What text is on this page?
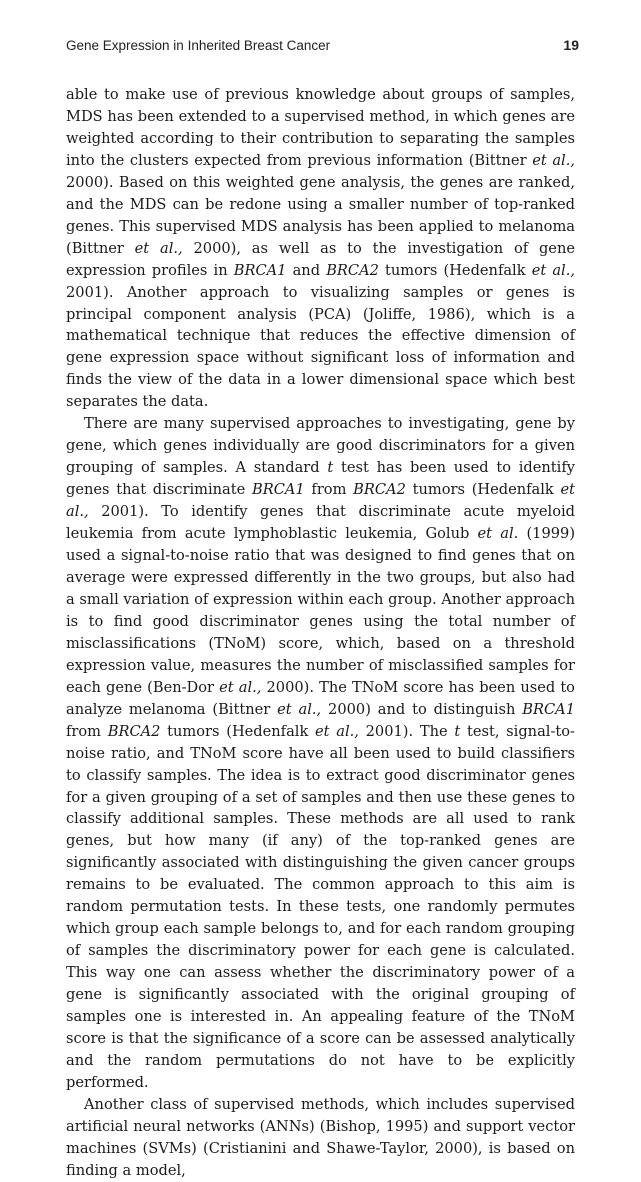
Gene Expression in Inherited Breast Cancer	19

able to make use of previous knowledge about groups of samples, MDS has been extended to a supervised method, in which genes are weighted according to their contribution to separating the samples into the clusters expected from previous information (Bittner et al., 2000). Based on this weighted gene analysis, the genes are ranked, and the MDS can be redone using a smaller number of top-ranked genes. This supervised MDS analysis has been applied to melanoma (Bittner et al., 2000), as well as to the investigation of gene expression profiles in BRCA1 and BRCA2 tumors (Hedenfalk et al., 2001). Another approach to visualizing samples or genes is principal component analysis (PCA) (Joliffe, 1986), which is a mathematical technique that reduces the effective dimension of gene expression space without significant loss of information and finds the view of the data in a lower dimensional space which best separates the data.

There are many supervised approaches to investigating, gene by gene, which genes individually are good discriminators for a given grouping of samples. A standard t test has been used to identify genes that discriminate BRCA1 from BRCA2 tumors (Hedenfalk et al., 2001). To identify genes that discriminate acute myeloid leukemia from acute lymphoblastic leukemia, Golub et al. (1999) used a signal-to-noise ratio that was designed to find genes that on average were expressed differently in the two groups, but also had a small variation of expression within each group. Another approach is to find good discriminator genes using the total number of misclassifications (TNoM) score, which, based on a threshold expression value, measures the number of misclassified samples for each gene (Ben-Dor et al., 2000). The TNoM score has been used to analyze melanoma (Bittner et al., 2000) and to distinguish BRCA1 from BRCA2 tumors (Hedenfalk et al., 2001). The t test, signal-to-noise ratio, and TNoM score have all been used to build classifiers to classify samples. The idea is to extract good discriminator genes for a given grouping of a set of samples and then use these genes to classify additional samples. These methods are all used to rank genes, but how many (if any) of the top-ranked genes are significantly associated with distinguishing the given cancer groups remains to be evaluated. The common approach to this aim is random permutation tests. In these tests, one randomly permutes which group each sample belongs to, and for each random grouping of samples the discriminatory power for each gene is calculated. This way one can assess whether the discriminatory power of a gene is significantly associated with the original grouping of samples one is interested in. An appealing feature of the TNoM score is that the significance of a score can be assessed analytically and the random permutations do not have to be explicitly performed.

Another class of supervised methods, which includes supervised artificial neural networks (ANNs) (Bishop, 1995) and support vector machines (SVMs) (Cristianini and Shawe-Taylor, 2000), is based on finding a model,
